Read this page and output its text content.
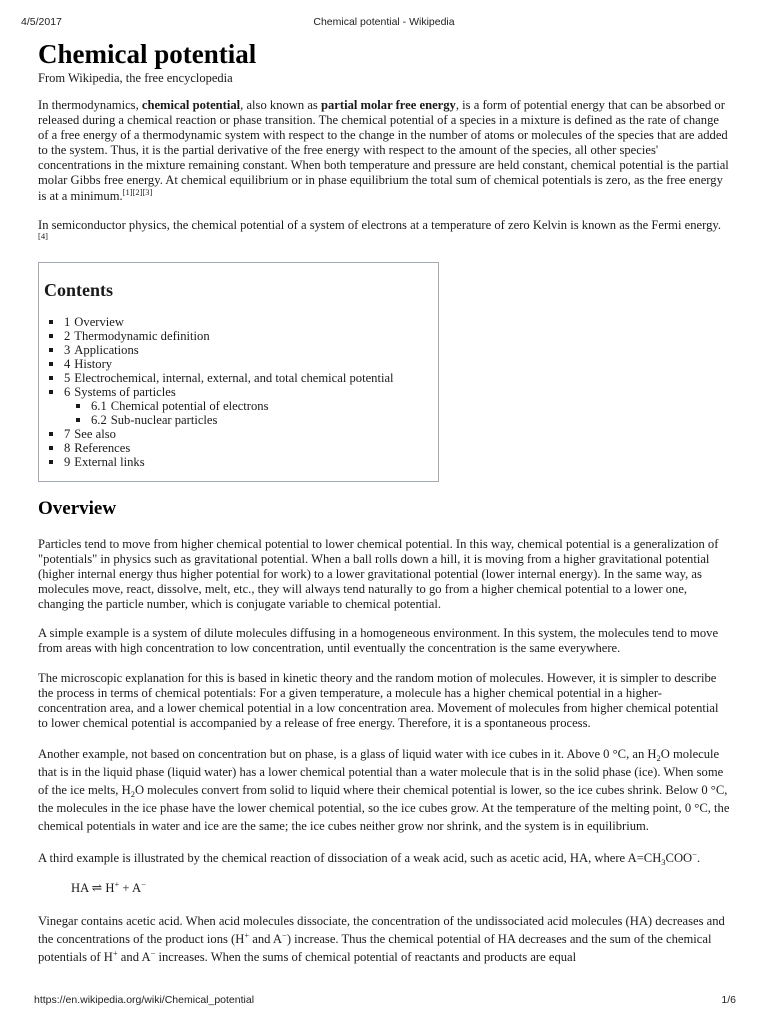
4/5/2017	Chemical potential - Wikipedia
Chemical potential
From Wikipedia, the free encyclopedia

In thermodynamics, chemical potential, also known as partial molar free energy, is a form of potential energy that can be absorbed or released during a chemical reaction or phase transition. The chemical potential of a species in a mixture is defined as the rate of change of a free energy of a thermodynamic system with respect to the change in the number of atoms or molecules of the species that are added to the system. Thus, it is the partial derivative of the free energy with respect to the amount of the species, all other species' concentrations in the mixture remaining constant. When both temperature and pressure are held constant, chemical potential is the partial molar Gibbs free energy. At chemical equilibrium or in phase equilibrium the total sum of chemical potentials is zero, as the free energy is at a minimum.[1][2][3]

In semiconductor physics, the chemical potential of a system of electrons at a temperature of zero Kelvin is known as the Fermi energy.[4]

Contents
1 Overview
2 Thermodynamic definition
3 Applications
4 History
5 Electrochemical, internal, external, and total chemical potential
6 Systems of particles
6.1 Chemical potential of electrons
6.2 Sub-nuclear particles
7 See also
8 References
9 External links
Overview

Particles tend to move from higher chemical potential to lower chemical potential. In this way, chemical potential is a generalization of "potentials" in physics such as gravitational potential. When a ball rolls down a hill, it is moving from a higher gravitational potential (higher internal energy thus higher potential for work) to a lower gravitational potential (lower internal energy). In the same way, as molecules move, react, dissolve, melt, etc., they will always tend naturally to go from a higher chemical potential to a lower one, changing the particle number, which is conjugate variable to chemical potential.

A simple example is a system of dilute molecules diffusing in a homogeneous environment. In this system, the molecules tend to move from areas with high concentration to low concentration, until eventually the concentration is the same everywhere.

The microscopic explanation for this is based in kinetic theory and the random motion of molecules. However, it is simpler to describe the process in terms of chemical potentials: For a given temperature, a molecule has a higher chemical potential in a higher-concentration area, and a lower chemical potential in a low concentration area. Movement of molecules from higher chemical potential to lower chemical potential is accompanied by a release of free energy. Therefore, it is a spontaneous process.

Another example, not based on concentration but on phase, is a glass of liquid water with ice cubes in it. Above 0 °C, an $H_2O$ molecule that is in the liquid phase (liquid water) has a lower chemical potential than a water molecule that is in the solid phase (ice). When some of the ice melts, $H_2O$ molecules convert from solid to liquid where their chemical potential is lower, so the ice cubes shrink. Below 0 °C, the molecules in the ice phase have the lower chemical potential, so the ice cubes grow. At the temperature of the melting point, 0 °C, the chemical potentials in water and ice are the same; the ice cubes neither grow nor shrink, and the system is in equilibrium.

A third example is illustrated by the chemical reaction of dissociation of a weak acid, such as acetic acid, HA, where $A=CH_3COO^-$.

HA ⇌ H+ + A−

Vinegar contains acetic acid. When acid molecules dissociate, the concentration of the undissociated acid molecules (HA) decreases and the concentrations of the product ions (H+ and A−) increase. Thus the chemical potential of HA decreases and the sum of the chemical potentials of H+ and A− increases. When the sums of chemical potential of reactants and products are equal

https://en.wikipedia.org/wiki/Chemical_potential	1/6
